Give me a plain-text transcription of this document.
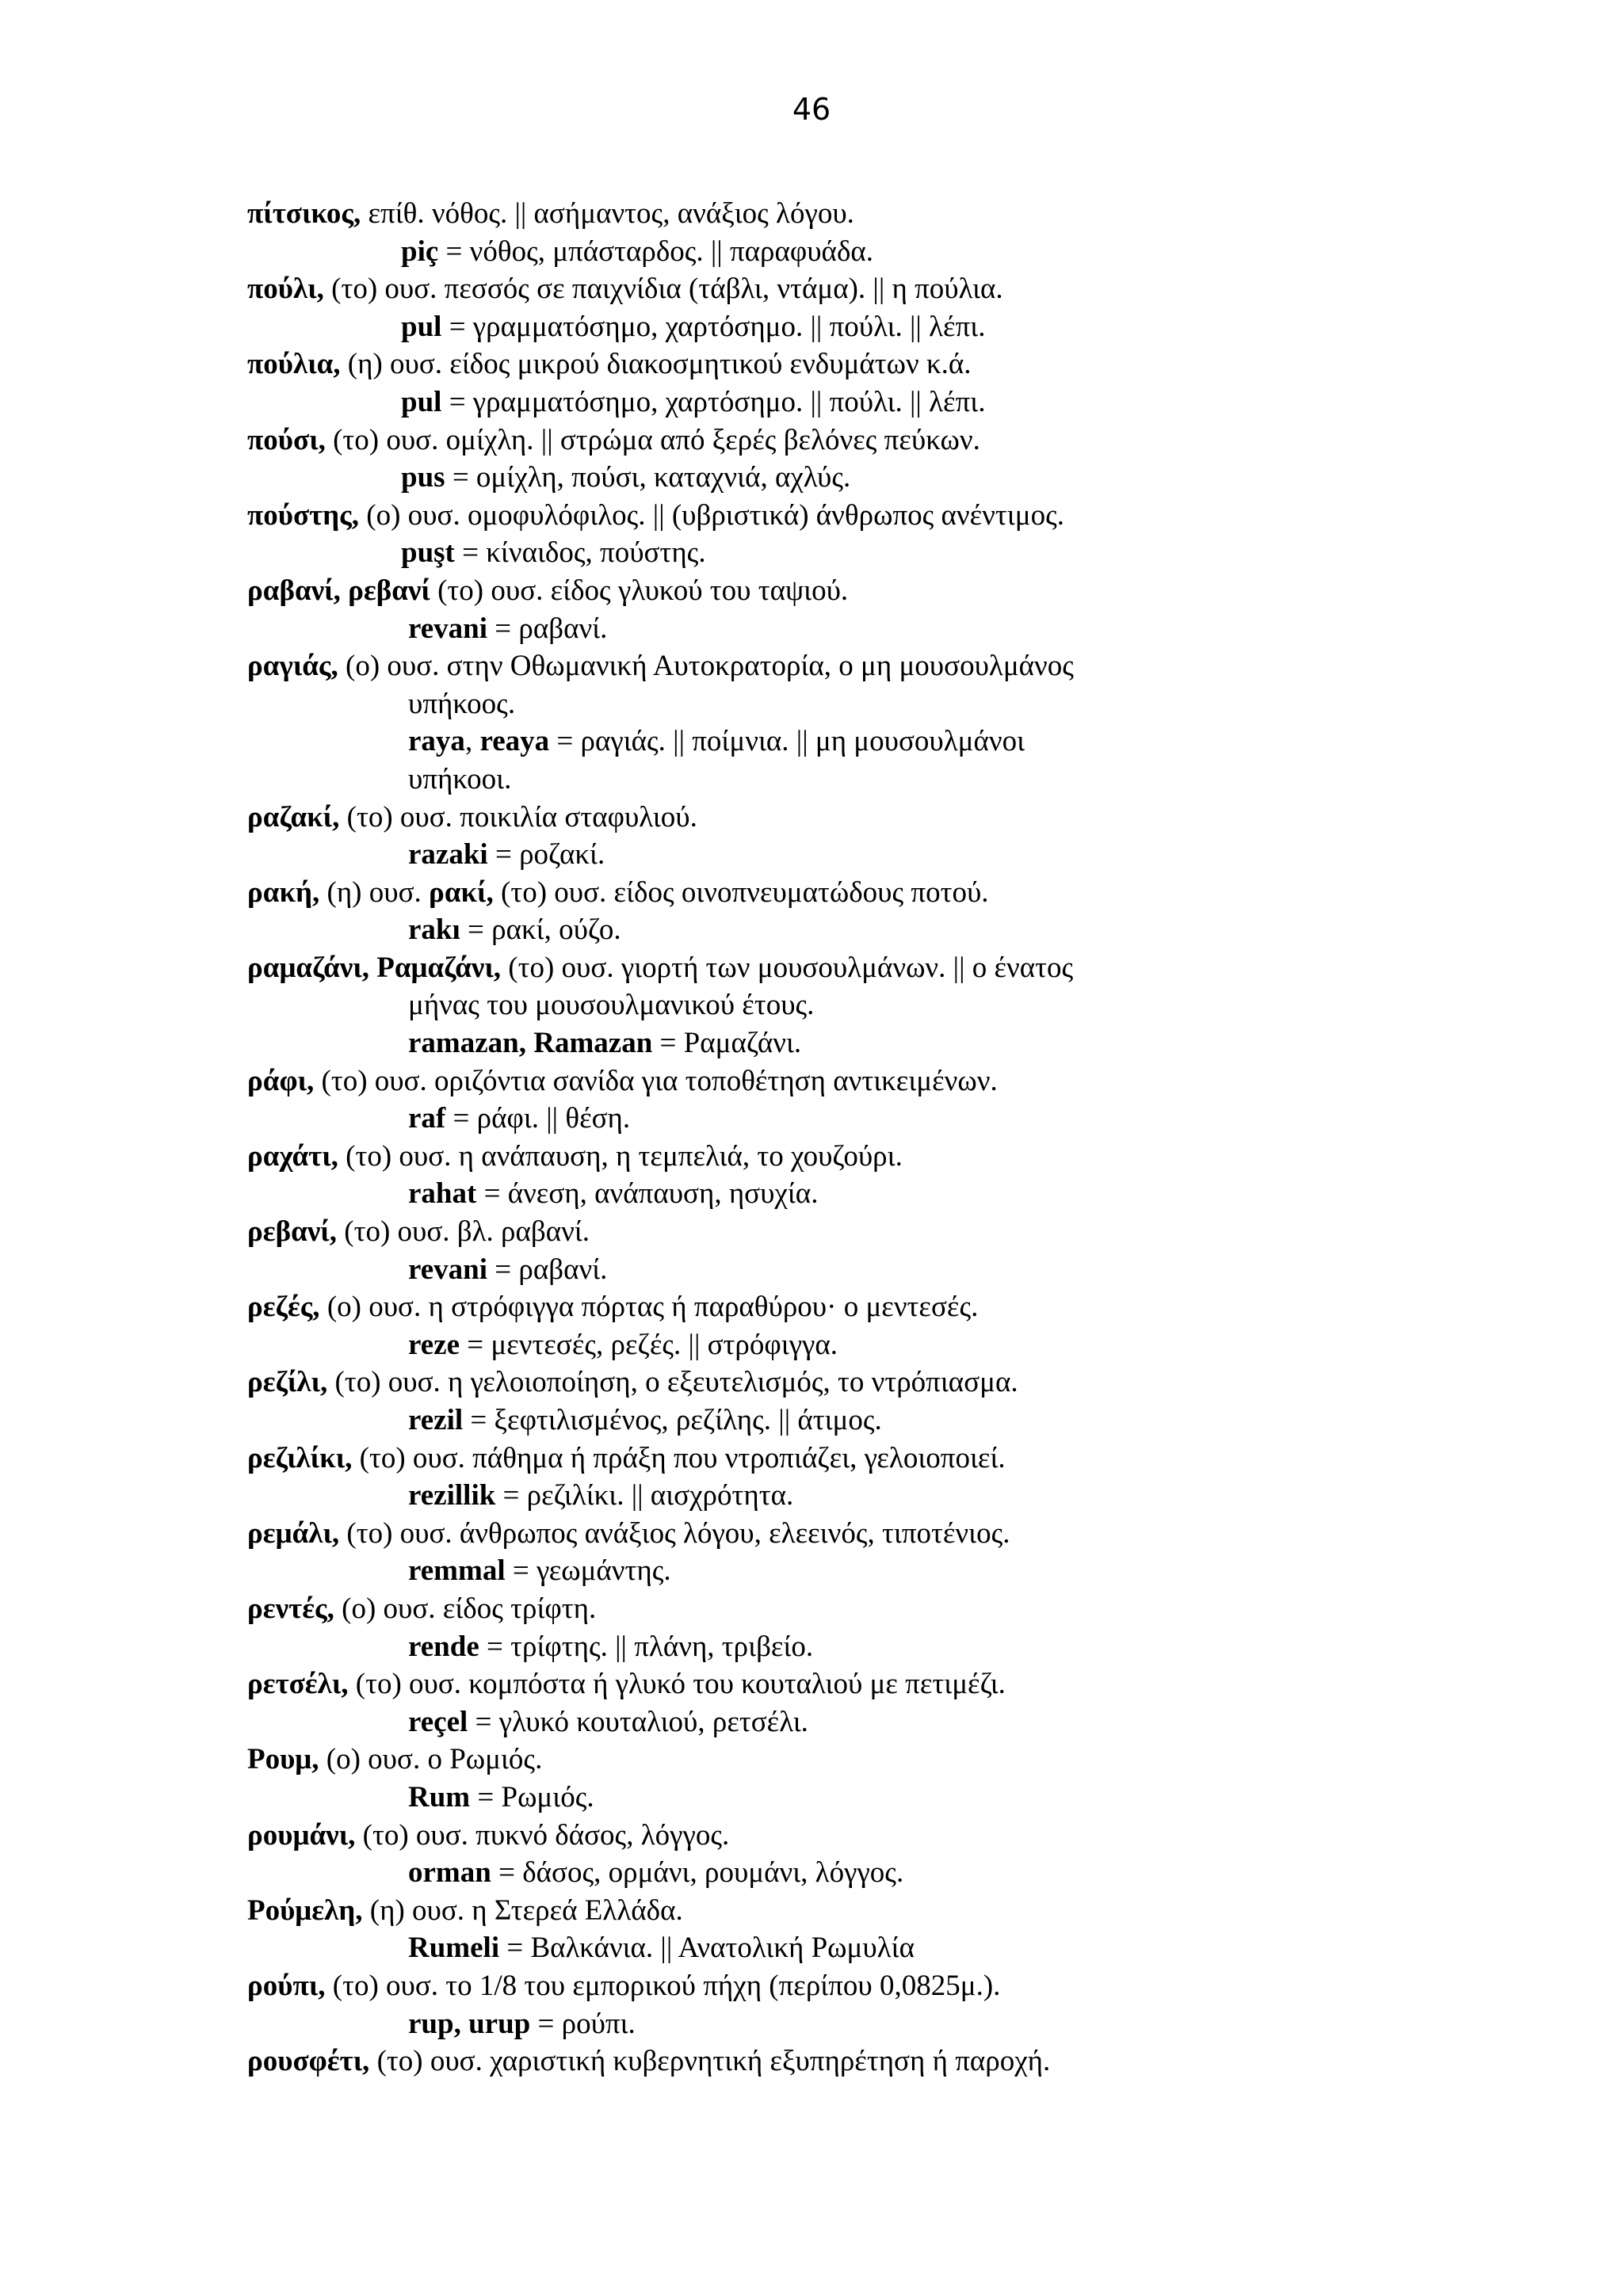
46
πίτσικος, επίθ. νόθος. || ασήμαντος, ανάξιος λόγου.
piç = νόθος, μπάσταρδος. || παραφυάδα.
πούλι, (το) ουσ. πεσσός σε παιχνίδια (τάβλι, ντάμα). || η πούλια.
pul = γραμματόσημο, χαρτόσημο. || πούλι. || λέπι.
πούλια, (η) ουσ. είδος μικρού διακοσμητικού ενδυμάτων κ.ά.
pul = γραμματόσημο, χαρτόσημο. || πούλι. || λέπι.
πούσι, (το) ουσ. ομίχλη. || στρώμα από ξερές βελόνες πεύκων.
pus = ομίχλη, πούσι, καταχνιά, αχλύς.
πούστης, (ο) ουσ. ομοφυλόφιλος. || (υβριστικά) άνθρωπος ανέντιμος.
puşt = κίναιδος, πούστης.
ραβανί, ρεβανί (το) ουσ. είδος γλυκού του ταψιού.
revani = ραβανί.
ραγιάς, (ο) ουσ. στην Οθωμανική Αυτοκρατορία, ο μη μουσουλμάνος
υπήκοος.
raya, reaya = ραγιάς. || ποίμνια. || μη μουσουλμάνοι
υπήκοοι.
ραζακί, (το) ουσ. ποικιλία σταφυλιού.
razaki = ροζακί.
ρακή, (η) ουσ. ρακί, (το) ουσ. είδος οινοπνευματώδους ποτού.
rakı = ρακί, ούζο.
ραμαζάνι, Ραμαζάνι, (το) ουσ. γιορτή των μουσουλμάνων. || ο ένατος
μήνας του μουσουλμανικού έτους.
ramazan, Ramazan = Ραμαζάνι.
ράφι, (το) ουσ. οριζόντια σανίδα για τοποθέτηση αντικειμένων.
raf = ράφι. || θέση.
ραχάτι, (το) ουσ. η ανάπαυση, η τεμπελιά, το χουζούρι.
rahat = άνεση, ανάπαυση, ησυχία.
ρεβανί, (το) ουσ. βλ. ραβανί.
revani = ραβανί.
ρεζές, (ο) ουσ. η στρόφιγγα πόρτας ή παραθύρου· ο μεντεσές.
reze = μεντεσές, ρεζές. || στρόφιγγα.
ρεζίλι, (το) ουσ. η γελοιοποίηση, ο εξευτελισμός, το ντρόπιασμα.
rezil = ξεφτιλισμένος, ρεζίλης. || άτιμος.
ρεζιλίκι, (το) ουσ. πάθημα ή πράξη που ντροπιάζει, γελοιοποιεί.
rezillik = ρεζιλίκι. || αισχρότητα.
ρεμάλι, (το) ουσ. άνθρωπος ανάξιος λόγου, ελεεινός, τιποτένιος.
remmal = γεωμάντης.
ρεντές, (ο) ουσ. είδος τρίφτη.
rende = τρίφτης. || πλάνη, τριβείο.
ρετσέλι, (το) ουσ. κομπόστα ή γλυκό του κουταλιού με πετιμέζι.
reçel = γλυκό κουταλιού, ρετσέλι.
Ρουμ, (ο) ουσ. ο Ρωμιός.
Rum = Ρωμιός.
ρουμάνι, (το) ουσ. πυκνό δάσος, λόγγος.
orman = δάσος, ορμάνι, ρουμάνι, λόγγος.
Ρούμελη, (η) ουσ. η Στερεά Ελλάδα.
Rumeli = Βαλκάνια. || Ανατολική Ρωμυλία
ρούπι, (το) ουσ. το 1/8 του εμπορικού πήχη (περίπου 0,0825μ.).
rup, urup = ρούπι.
ρουσφέτι, (το) ουσ. χαριστική κυβερνητική εξυπηρέτηση ή παροχή.
